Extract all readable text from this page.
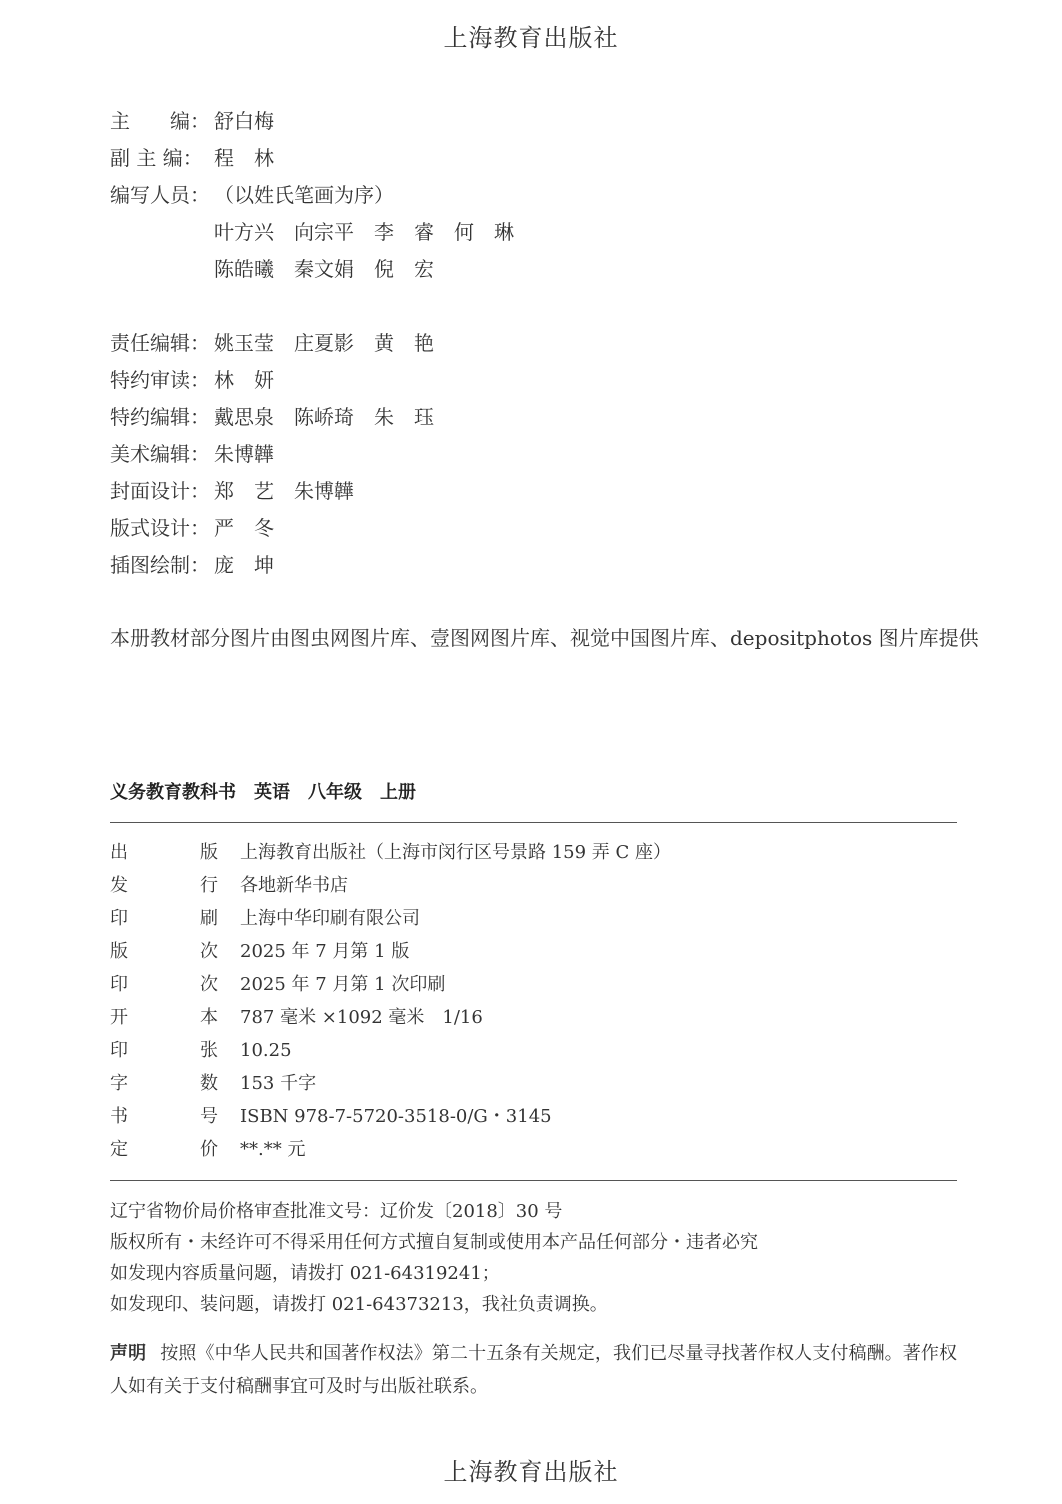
上海教育出版社
主　　编： 舒白梅
副 主 编： 程　林
编写人员： （以姓氏笔画为序）
叶方兴　向宗平　李　睿　何　琳
陈皓曦　秦文娟　倪　宏
责任编辑： 姚玉莹　庄夏影　黄　艳
特约审读： 林　妍
特约编辑： 戴思泉　陈峤琦　朱　珏
美术编辑： 朱博韡
封面设计： 郑　艺　朱博韡
版式设计： 严　冬
插图绘制： 庞　坤
本册教材部分图片由图虫网图片库、壹图网图片库、视觉中国图片库、depositphotos 图片库提供
义务教育教科书　英语　八年级　上册
出	版	上海教育出版社（上海市闵行区号景路 159 弄 C 座）
发	行	各地新华书店
印	刷	上海中华印刷有限公司
版	次	2025 年 7 月第 1 版
印	次	2025 年 7 月第 1 次印刷
开	本	787 毫米 ×1092 毫米　1/16
印	张	10.25
字	数	153 千字
书	号	ISBN 978-7-5720-3518-0/G・3145
定	价	**.** 元
辽宁省物价局价格审查批准文号：辽价发〔2018〕30 号
版权所有・未经许可不得采用任何方式擅自复制或使用本产品任何部分・违者必究
如发现内容质量问题，请拨打 021-64319241；
如发现印、装问题，请拨打 021-64373213，我社负责调换。
声明 按照《中华人民共和国著作权法》第二十五条有关规定，我们已尽量寻找著作权人支付稿酬。著作权人如有关于支付稿酬事宜可及时与出版社联系。
上海教育出版社
